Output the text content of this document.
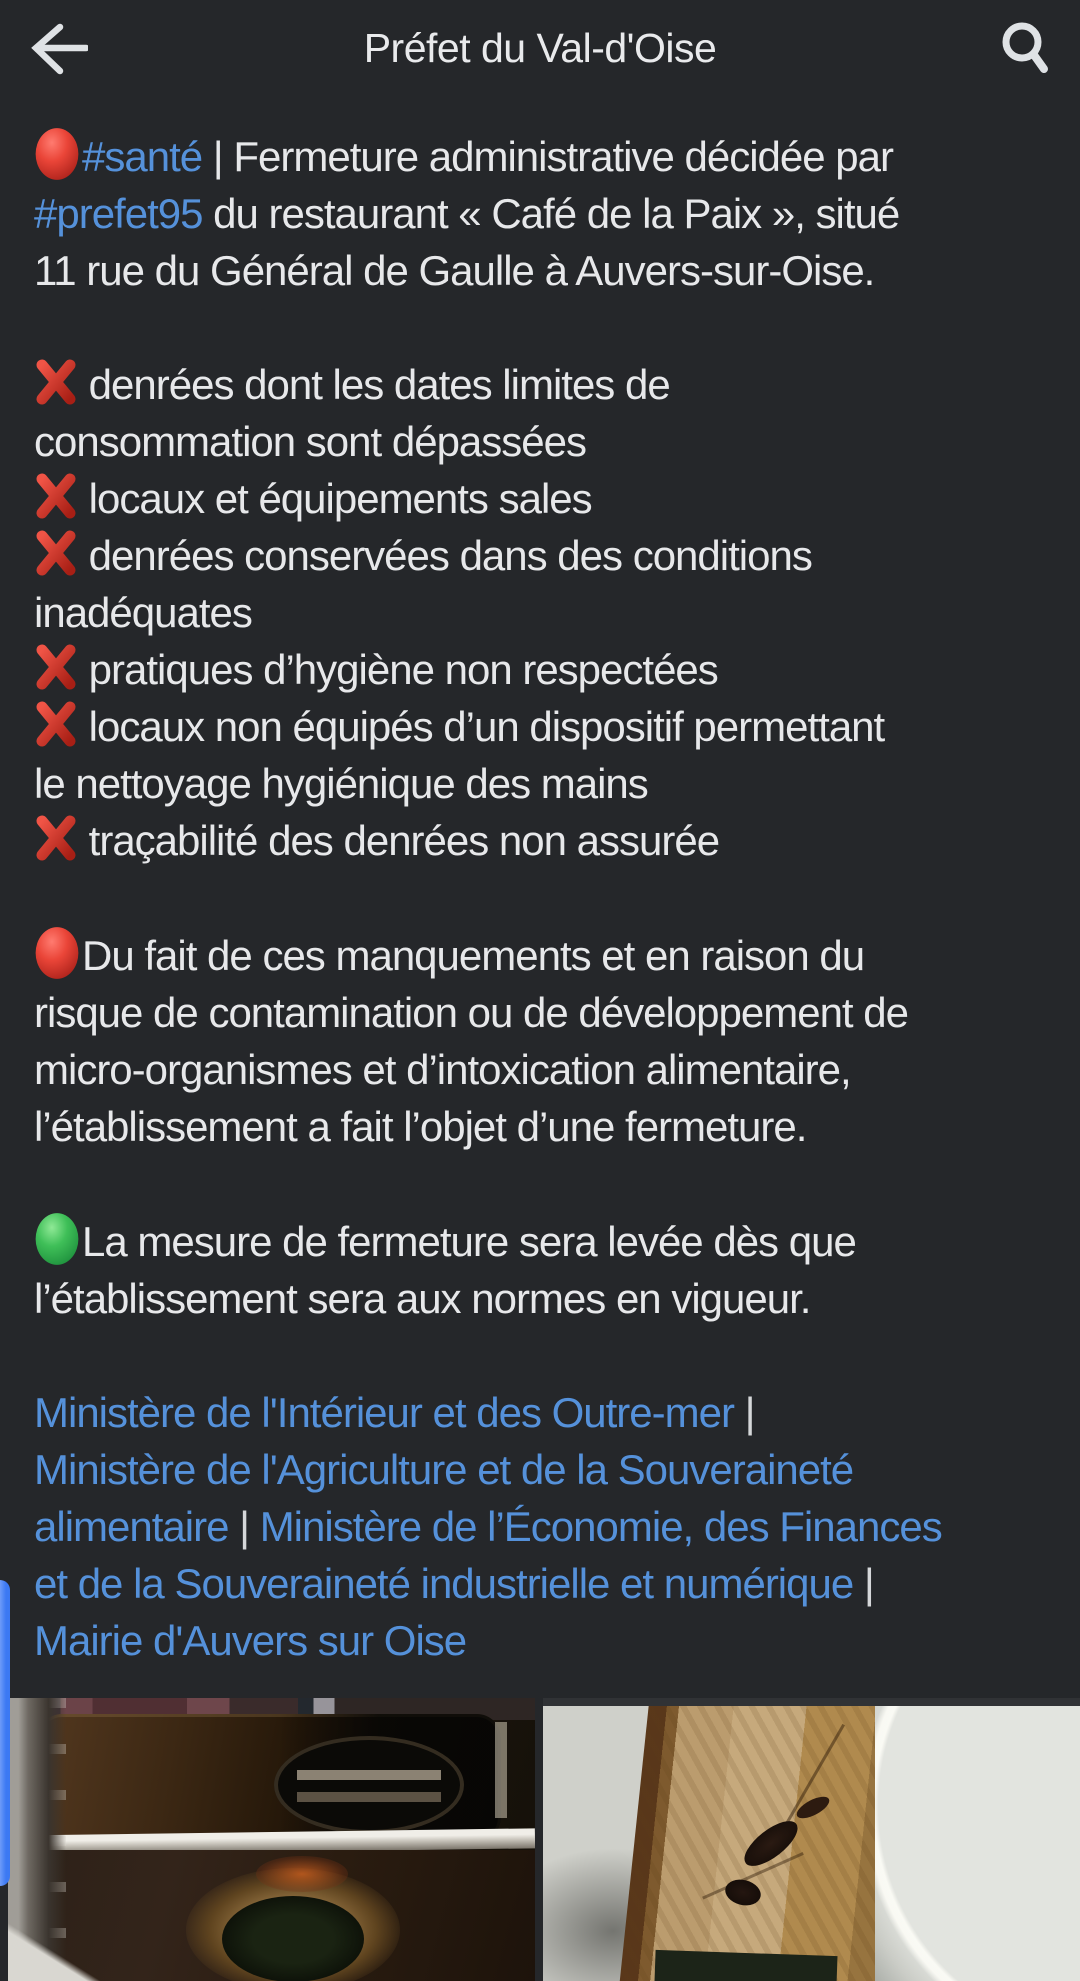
Préfet du Val-d'Oise
#santé | Fermeture administrative décidée par
#prefet95 du restaurant « Café de la Paix », situé
11 rue du Général de Gaulle à Auvers-sur-Oise.
denrées dont les dates limites de
consommation sont dépassées
locaux et équipements sales
denrées conservées dans des conditions
inadéquates
pratiques d’hygiène non respectées
locaux non équipés d’un dispositif permettant
le nettoyage hygiénique des mains
traçabilité des denrées non assurée
Du fait de ces manquements et en raison du
risque de contamination ou de développement de
micro-organismes et d’intoxication alimentaire,
l’établissement a fait l’objet d’une fermeture.
La mesure de fermeture sera levée dès que
l’établissement sera aux normes en vigueur.
Ministère de l'Intérieur et des Outre-mer |
Ministère de l'Agriculture et de la Souveraineté
alimentaire | Ministère de l’Économie, des Finances
et de la Souveraineté industrielle et numérique |
Mairie d'Auvers sur Oise
